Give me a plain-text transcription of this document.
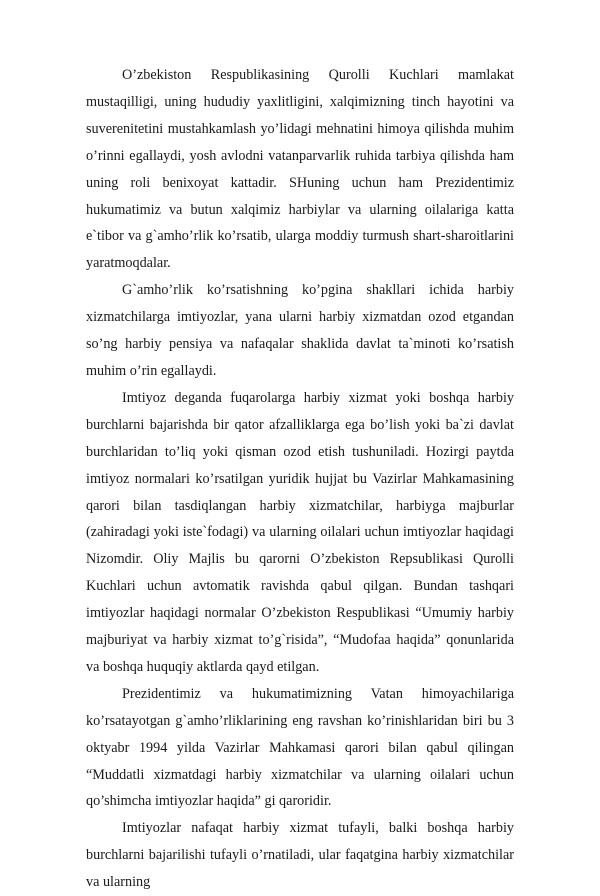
O’zbekiston Respublikasining Qurolli Kuchlari mamlakat mustaqilligi, uning hududiy yaxlitligini, xalqimizning tinch hayotini va suverenitetini mustahkamlash yo’lidagi mehnatini himoya qilishda muhim o’rinni egallaydi, yosh avlodni vatanparvarlik ruhida tarbiya qilishda ham uning roli benixoyat kattadir. SHuning uchun ham Prezidentimiz hukumatimiz va butun xalqimiz harbiylar va ularning oilalariga katta e`tibor va g`amho’rlik ko’rsatib, ularga moddiy turmush shart-sharoitlarini yaratmoqdalar.

G`amho’rlik ko’rsatishning ko’pgina shakllari ichida harbiy xizmatchilarga imtiyozlar, yana ularni harbiy xizmatdan ozod etgandan so’ng harbiy pensiya va nafaqalar shaklida davlat ta`minoti ko’rsatish muhim o’rin egallaydi.

Imtiyoz deganda fuqarolarga harbiy xizmat yoki boshqa harbiy burchlarni bajarishda bir qator afzalliklarga ega bo’lish yoki ba`zi davlat burchlaridan to’liq yoki qisman ozod etish tushuniladi. Hozirgi paytda imtiyoz normalari ko’rsatilgan yuridik hujjat bu Vazirlar Mahkamasining qarori bilan tasdiqlangan harbiy xizmatchilar, harbiyga majburlar (zahiradagi yoki iste`fodagi) va ularning oilalari uchun imtiyozlar haqidagi Nizomdir. Oliy Majlis bu qarorni O’zbekiston Repsublikasi Qurolli Kuchlari uchun avtomatik ravishda qabul qilgan. Bundan tashqari imtiyozlar haqidagi normalar O’zbekiston Respublikasi “Umumiy harbiy majburiyat va harbiy xizmat to’g`risida”, “Mudofaa haqida” qonunlarida va boshqa huquqiy aktlarda qayd etilgan.

Prezidentimiz va hukumatimizning Vatan himoyachilariga ko’rsatayotgan g`amho’rliklarining eng ravshan ko’rinishlaridan biri bu 3 oktyabr 1994 yilda Vazirlar Mahkamasi qarori bilan qabul qilingan “Muddatli xizmatdagi harbiy xizmatchilar va ularning oilalari uchun qo’shimcha imtiyozlar haqida” gi qaroridir.

Imtiyozlar nafaqat harbiy xizmat tufayli, balki boshqa harbiy burchlarni bajarilishi tufayli o’rnatiladi, ular faqatgina harbiy xizmatchilar va ularning
